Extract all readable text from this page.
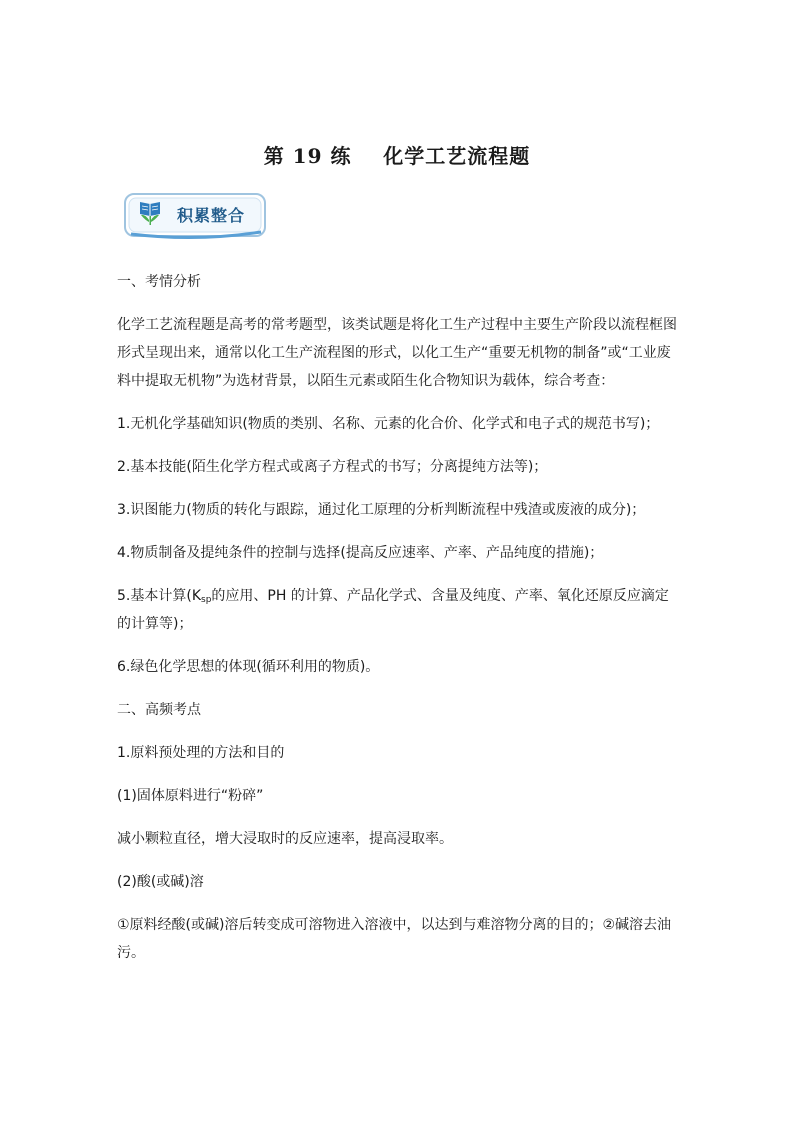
第 19 练    化学工艺流程题
积累整合

一、考情分析

化学工艺流程题是高考的常考题型，该类试题是将化工生产过程中主要生产阶段以流程框图形式呈现出来，通常以化工生产流程图的形式，以化工生产“重要无机物的制备”或“工业废料中提取无机物”为选材背景，以陌生元素或陌生化合物知识为载体，综合考查：

1.无机化学基础知识(物质的类别、名称、元素的化合价、化学式和电子式的规范书写)；

2.基本技能(陌生化学方程式或离子方程式的书写；分离提纯方法等)；

3.识图能力(物质的转化与跟踪，通过化工原理的分析判断流程中残渣或废液的成分)；

4.物质制备及提纯条件的控制与选择(提高反应速率、产率、产品纯度的措施)；

5.基本计算($K_{sp}$的应用、PH 的计算、产品化学式、含量及纯度、产率、氧化还原反应滴定的计算等)；

6.绿色化学思想的体现(循环利用的物质)。

二、高频考点

1.原料预处理的方法和目的

(1)固体原料进行“粉碎”

减小颗粒直径，增大浸取时的反应速率，提高浸取率。

(2)酸(或碱)溶

①原料经酸(或碱)溶后转变成可溶物进入溶液中，以达到与难溶物分离的目的；②碱溶去油污。
